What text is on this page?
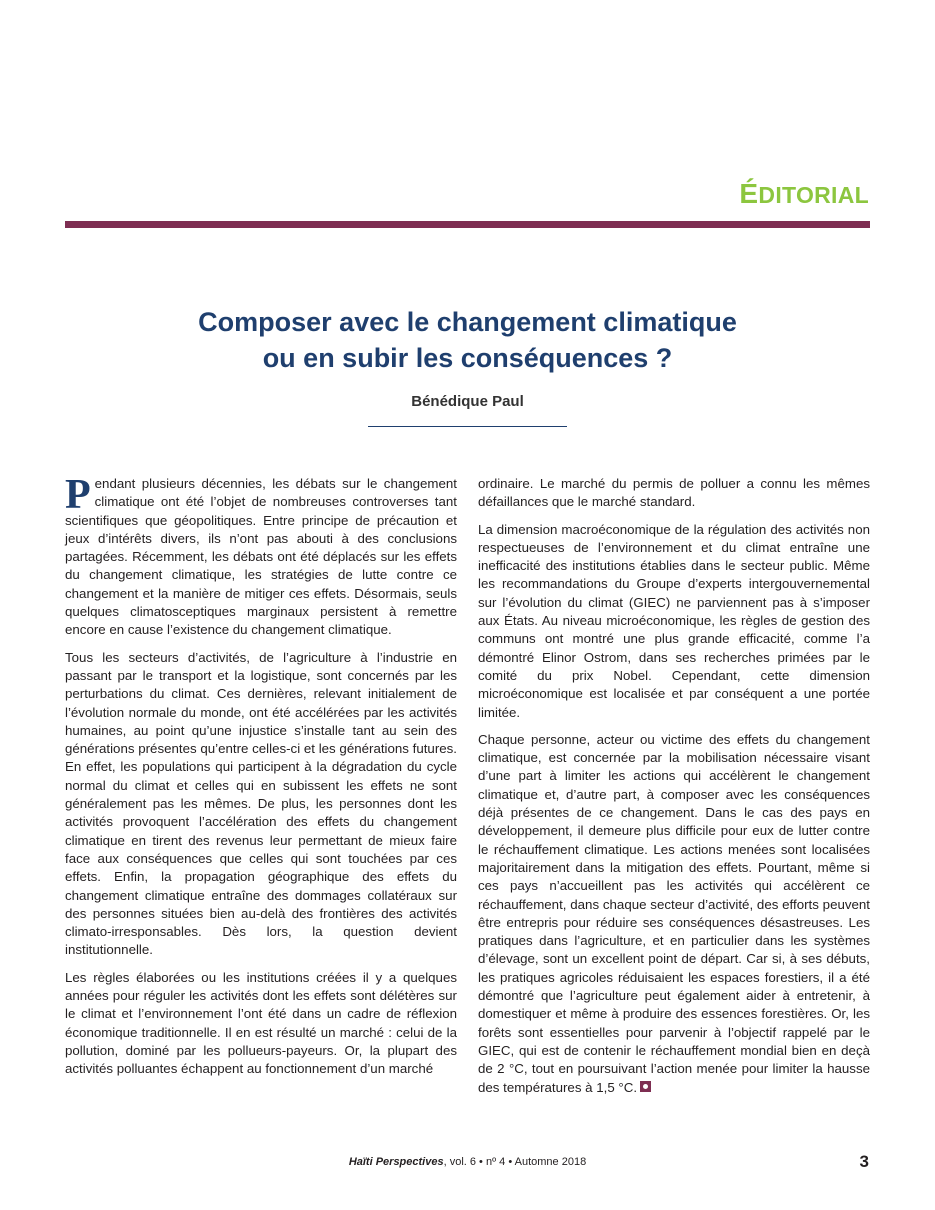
ÉDITORIAL
Composer avec le changement climatique
ou en subir les conséquences ?
Bénédique Paul

Pendant plusieurs décennies, les débats sur le changement climatique ont été l’objet de nombreuses controverses tant scientifiques que géopolitiques. Entre principe de précaution et jeux d’intérêts divers, ils n’ont pas abouti à des conclusions partagées. Récemment, les débats ont été déplacés sur les effets du changement climatique, les stratégies de lutte contre ce changement et la manière de mitiger ces effets. Désormais, seuls quelques climatosceptiques marginaux persistent à remettre encore en cause l’existence du changement climatique.

Tous les secteurs d’activités, de l’agriculture à l’industrie en passant par le transport et la logistique, sont concernés par les perturbations du climat. Ces dernières, relevant initialement de l’évolution normale du monde, ont été accélérées par les activités humaines, au point qu’une injustice s’installe tant au sein des générations présentes qu’entre celles-ci et les générations futures. En effet, les populations qui participent à la dégradation du cycle normal du climat et celles qui en subissent les effets ne sont généralement pas les mêmes. De plus, les personnes dont les activités provoquent l’accélération des effets du changement climatique en tirent des revenus leur permettant de mieux faire face aux conséquences que celles qui sont touchées par ces effets. Enfin, la propagation géographique des effets du changement climatique entraîne des dommages collatéraux sur des personnes situées bien au-delà des frontières des activités climato-irresponsables. Dès lors, la question devient institutionnelle.

Les règles élaborées ou les institutions créées il y a quelques années pour réguler les activités dont les effets sont délétères sur le climat et l’environnement l’ont été dans un cadre de réflexion économique traditionnelle. Il en est résulté un marché : celui de la pollution, dominé par les pollueurs-payeurs. Or, la plupart des activités polluantes échappent au fonctionnement d’un marché

ordinaire. Le marché du permis de polluer a connu les mêmes défaillances que le marché standard.

La dimension macroéconomique de la régulation des activités non respectueuses de l’environnement et du climat entraîne une inefficacité des institutions établies dans le secteur public. Même les recommandations du Groupe d’experts intergouvernemental sur l’évolution du climat (GIEC) ne parviennent pas à s’imposer aux États. Au niveau microéconomique, les règles de gestion des communs ont montré une plus grande efficacité, comme l’a démontré Elinor Ostrom, dans ses recherches primées par le comité du prix Nobel. Cependant, cette dimension microéconomique est localisée et par conséquent a une portée limitée.

Chaque personne, acteur ou victime des effets du changement climatique, est concernée par la mobilisation nécessaire visant d’une part à limiter les actions qui accélèrent le changement climatique et, d’autre part, à composer avec les conséquences déjà présentes de ce changement. Dans le cas des pays en développement, il demeure plus difficile pour eux de lutter contre le réchauffement climatique. Les actions menées sont localisées majoritairement dans la mitigation des effets. Pourtant, même si ces pays n’accueillent pas les activités qui accélèrent ce réchauffement, dans chaque secteur d’activité, des efforts peuvent être entrepris pour réduire ses conséquences désastreuses. Les pratiques dans l’agriculture, et en particulier dans les systèmes d’élevage, sont un excellent point de départ. Car si, à ses débuts, les pratiques agricoles réduisaient les espaces forestiers, il a été démontré que l’agriculture peut également aider à entretenir, à domestiquer et même à produire des essences forestières. Or, les forêts sont essentielles pour parvenir à l’objectif rappelé par le GIEC, qui est de contenir le réchauffement mondial bien en deçà de 2 °C, tout en poursuivant l’action menée pour limiter la hausse des températures à 1,5 °C.

Haïti Perspectives, vol. 6 • nº 4 • Automne 2018	3
